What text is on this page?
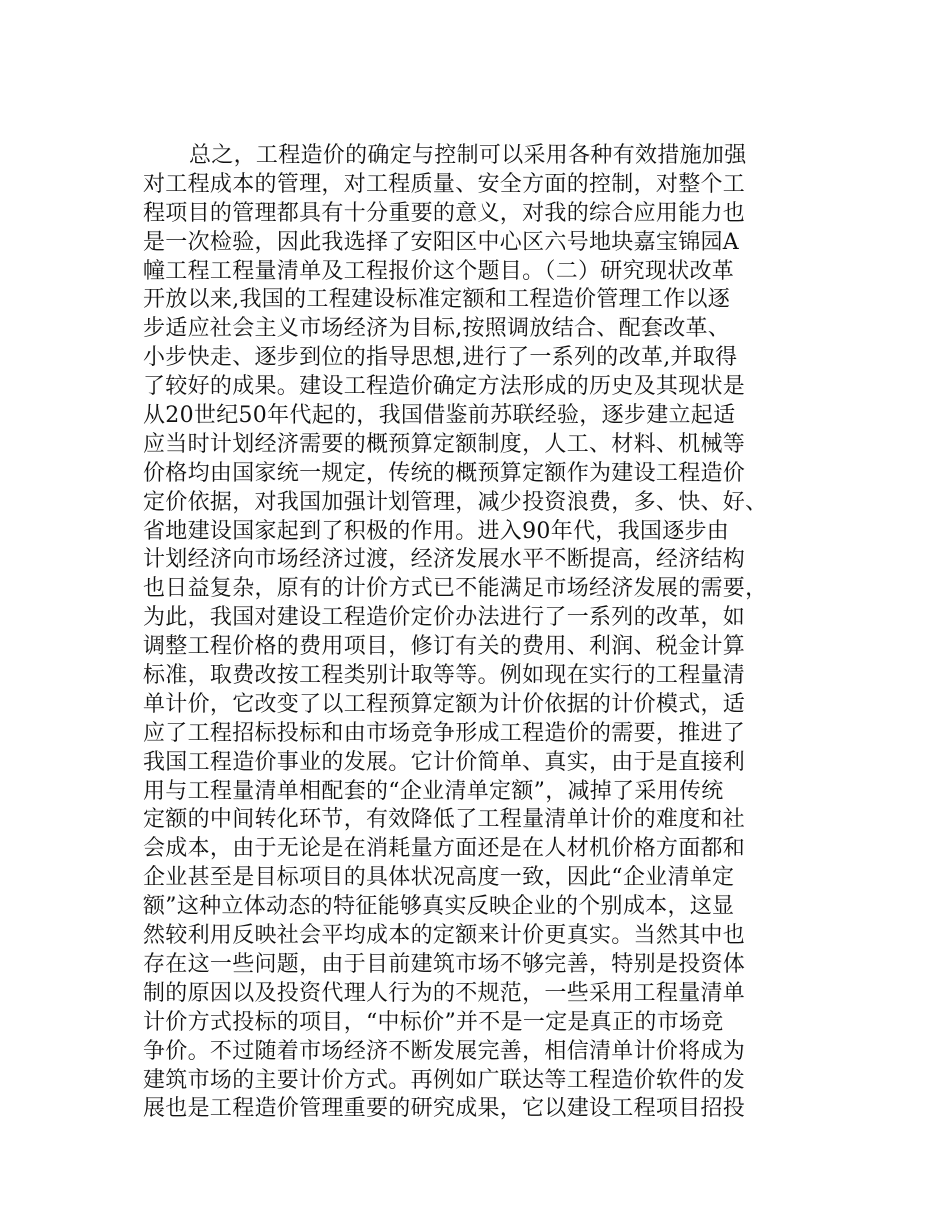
总之，工程造价的确定与控制可以采用各种有效措施加强
对工程成本的管理，对工程质量、安全方面的控制，对整个工
程项目的管理都具有十分重要的意义，对我的综合应用能力也
是一次检验，因此我选择了安阳区中心区六号地块嘉宝锦园A
幢工程工程量清单及工程报价这个题目。（二）研究现状改革
开放以来,我国的工程建设标准定额和工程造价管理工作以逐
步适应社会主义市场经济为目标,按照调放结合、配套改革、
小步快走、逐步到位的指导思想,进行了一系列的改革,并取得
了较好的成果。建设工程造价确定方法形成的历史及其现状是
从20世纪50年代起的，我国借鉴前苏联经验，逐步建立起适
应当时计划经济需要的概预算定额制度，人工、材料、机械等
价格均由国家统一规定，传统的概预算定额作为建设工程造价
定价依据，对我国加强计划管理，减少投资浪费，多、快、好、
省地建设国家起到了积极的作用。进入90年代，我国逐步由
计划经济向市场经济过渡，经济发展水平不断提高，经济结构
也日益复杂，原有的计价方式已不能满足市场经济发展的需要，
为此，我国对建设工程造价定价办法进行了一系列的改革，如
调整工程价格的费用项目，修订有关的费用、利润、税金计算
标准，取费改按工程类别计取等等。例如现在实行的工程量清
单计价，它改变了以工程预算定额为计价依据的计价模式，适
应了工程招标投标和由市场竞争形成工程造价的需要，推进了
我国工程造价事业的发展。它计价简单、真实，由于是直接利
用与工程量清单相配套的“企业清单定额”，减掉了采用传统
定额的中间转化环节，有效降低了工程量清单计价的难度和社
会成本，由于无论是在消耗量方面还是在人材机价格方面都和
企业甚至是目标项目的具体状况高度一致，因此“企业清单定
额”这种立体动态的特征能够真实反映企业的个别成本，这显
然较利用反映社会平均成本的定额来计价更真实。当然其中也
存在这一些问题，由于目前建筑市场不够完善，特别是投资体
制的原因以及投资代理人行为的不规范，一些采用工程量清单
计价方式投标的项目，“中标价”并不是一定是真正的市场竞
争价。不过随着市场经济不断发展完善，相信清单计价将成为
建筑市场的主要计价方式。再例如广联达等工程造价软件的发
展也是工程造价管理重要的研究成果，它以建设工程项目招投
